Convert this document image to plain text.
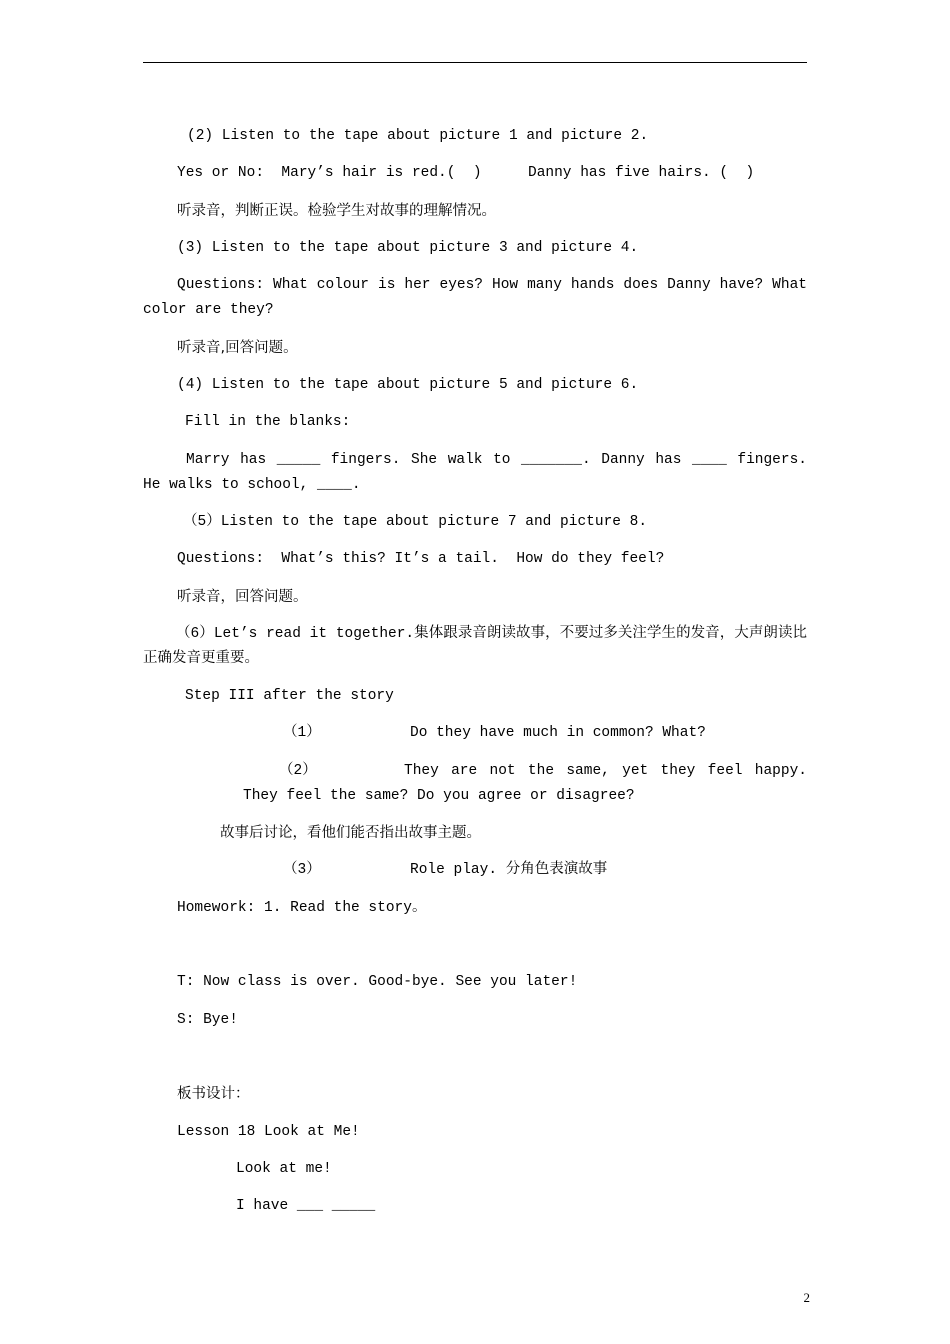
(2) Listen to the tape about picture 1 and picture 2.
Yes or No:  Mary’s hair is red.(  )	Danny has five hairs. (  )
听录音，判断正误。检验学生对故事的理解情况。
(3) Listen to the tape about picture 3 and picture 4.
Questions: What colour is her eyes? How many hands does Danny have? What color are they?
听录音,回答问题。
(4) Listen to the tape about picture 5 and picture 6.
Fill in the blanks:
Marry has _____ fingers. She walk to _______. Danny has ____ fingers. He walks to school, ____.
（5）Listen to the tape about picture 7 and picture 8.
Questions:  What’s this? It’s a tail.  How do they feel?
听录音，回答问题。
（6）Let’s read it together.集体跟录音朗读故事，不要过多关注学生的发音，大声朗读比正确发音更重要。
Step III after the story
（1）	Do they have much in common? What?
（2）	They are not the same, yet they feel happy. They feel the same? Do you agree or disagree?
故事后讨论，看他们能否指出故事主题。
（3）	Role play. 分角色表演故事
Homework: 1. Read the story。
T: Now class is over. Good-bye. See you later!
S: Bye!
板书设计：
Lesson 18 Look at Me!
Look at me!
I have ___ _____
2
